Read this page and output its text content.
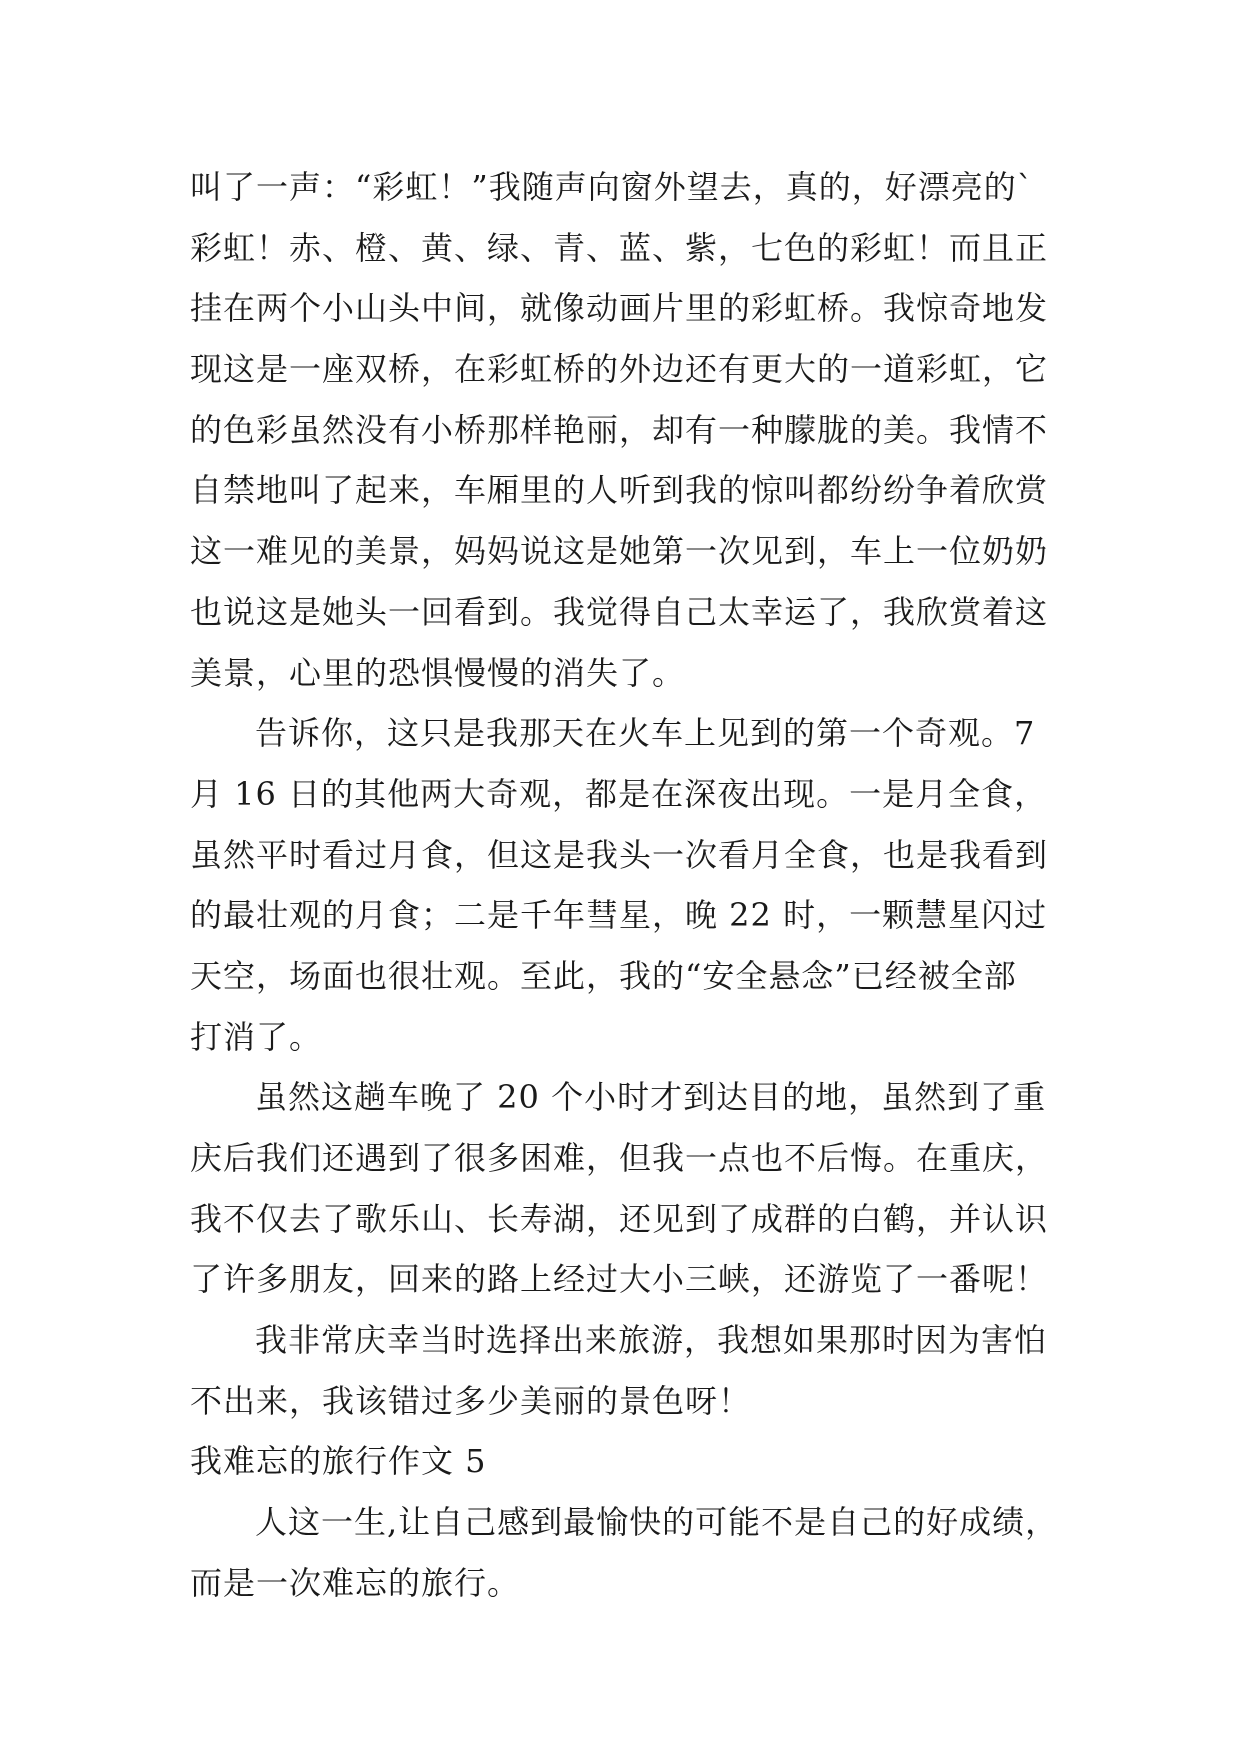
叫了一声：“彩虹！”我随声向窗外望去，真的，好漂亮的`
彩虹！赤、橙、黄、绿、青、蓝、紫，七色的彩虹！而且正
挂在两个小山头中间，就像动画片里的彩虹桥。我惊奇地发
现这是一座双桥，在彩虹桥的外边还有更大的一道彩虹，它
的色彩虽然没有小桥那样艳丽，却有一种朦胧的美。我情不
自禁地叫了起来，车厢里的人听到我的惊叫都纷纷争着欣赏
这一难见的美景，妈妈说这是她第一次见到，车上一位奶奶
也说这是她头一回看到。我觉得自己太幸运了，我欣赏着这
美景，心里的恐惧慢慢的消失了。
告诉你，这只是我那天在火车上见到的第一个奇观。7
月 16 日的其他两大奇观，都是在深夜出现。一是月全食，
虽然平时看过月食，但这是我头一次看月全食，也是我看到
的最壮观的月食；二是千年彗星，晚 22 时，一颗慧星闪过
天空，场面也很壮观。至此，我的“安全悬念”已经被全部
打消了。
虽然这趟车晚了 20 个小时才到达目的地，虽然到了重
庆后我们还遇到了很多困难，但我一点也不后悔。在重庆，
我不仅去了歌乐山、长寿湖，还见到了成群的白鹤，并认识
了许多朋友，回来的路上经过大小三峡，还游览了一番呢！
我非常庆幸当时选择出来旅游，我想如果那时因为害怕
不出来，我该错过多少美丽的景色呀！
我难忘的旅行作文 5
人这一生,让自己感到最愉快的可能不是自己的好成绩，
而是一次难忘的旅行。
